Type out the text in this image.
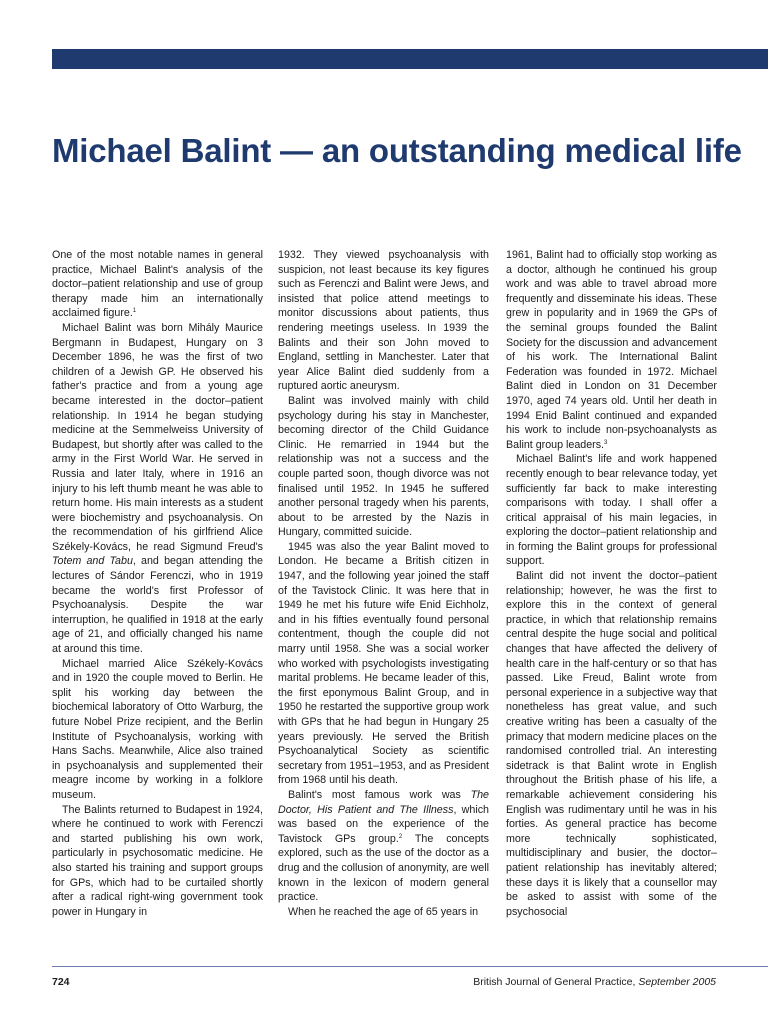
Michael Balint — an outstanding medical life

One of the most notable names in general practice, Michael Balint's analysis of the doctor–patient relationship and use of group therapy made him an internationally acclaimed figure.$^1$

Michael Balint was born Mihály Maurice Bergmann in Budapest, Hungary on 3 December 1896, he was the first of two children of a Jewish GP. He observed his father's practice and from a young age became interested in the doctor–patient relationship. In 1914 he began studying medicine at the Semmelweiss University of Budapest, but shortly after was called to the army in the First World War. He served in Russia and later Italy, where in 1916 an injury to his left thumb meant he was able to return home. His main interests as a student were biochemistry and psychoanalysis. On the recommendation of his girlfriend Alice Székely-Kovács, he read Sigmund Freud's Totem and Tabu, and began attending the lectures of Sándor Ferenczi, who in 1919 became the world's first Professor of Psychoanalysis. Despite the war interruption, he qualified in 1918 at the early age of 21, and officially changed his name at around this time.

Michael married Alice Székely-Kovács and in 1920 the couple moved to Berlin. He split his working day between the biochemical laboratory of Otto Warburg, the future Nobel Prize recipient, and the Berlin Institute of Psychoanalysis, working with Hans Sachs. Meanwhile, Alice also trained in psychoanalysis and supplemented their meagre income by working in a folklore museum.

The Balints returned to Budapest in 1924, where he continued to work with Ferenczi and started publishing his own work, particularly in psychosomatic medicine. He also started his training and support groups for GPs, which had to be curtailed shortly after a radical right-wing government took power in Hungary in

1932. They viewed psychoanalysis with suspicion, not least because its key figures such as Ferenczi and Balint were Jews, and insisted that police attend meetings to monitor discussions about patients, thus rendering meetings useless. In 1939 the Balints and their son John moved to England, settling in Manchester. Later that year Alice Balint died suddenly from a ruptured aortic aneurysm.

Balint was involved mainly with child psychology during his stay in Manchester, becoming director of the Child Guidance Clinic. He remarried in 1944 but the relationship was not a success and the couple parted soon, though divorce was not finalised until 1952. In 1945 he suffered another personal tragedy when his parents, about to be arrested by the Nazis in Hungary, committed suicide.

1945 was also the year Balint moved to London. He became a British citizen in 1947, and the following year joined the staff of the Tavistock Clinic. It was here that in 1949 he met his future wife Enid Eichholz, and in his fifties eventually found personal contentment, though the couple did not marry until 1958. She was a social worker who worked with psychologists investigating marital problems. He became leader of this, the first eponymous Balint Group, and in 1950 he restarted the supportive group work with GPs that he had begun in Hungary 25 years previously. He served the British Psychoanalytical Society as scientific secretary from 1951–1953, and as President from 1968 until his death.

Balint's most famous work was The Doctor, His Patient and The Illness, which was based on the experience of the Tavistock GPs group.$^2$ The concepts explored, such as the use of the doctor as a drug and the collusion of anonymity, are well known in the lexicon of modern general practice.

When he reached the age of 65 years in

1961, Balint had to officially stop working as a doctor, although he continued his group work and was able to travel abroad more frequently and disseminate his ideas. These grew in popularity and in 1969 the GPs of the seminal groups founded the Balint Society for the discussion and advancement of his work. The International Balint Federation was founded in 1972. Michael Balint died in London on 31 December 1970, aged 74 years old. Until her death in 1994 Enid Balint continued and expanded his work to include non-psychoanalysts as Balint group leaders.$^3$

Michael Balint's life and work happened recently enough to bear relevance today, yet sufficiently far back to make interesting comparisons with today. I shall offer a critical appraisal of his main legacies, in exploring the doctor–patient relationship and in forming the Balint groups for professional support.

Balint did not invent the doctor–patient relationship; however, he was the first to explore this in the context of general practice, in which that relationship remains central despite the huge social and political changes that have affected the delivery of health care in the half-century or so that has passed. Like Freud, Balint wrote from personal experience in a subjective way that nonetheless has great value, and such creative writing has been a casualty of the primacy that modern medicine places on the randomised controlled trial. An interesting sidetrack is that Balint wrote in English throughout the British phase of his life, a remarkable achievement considering his English was rudimentary until he was in his forties. As general practice has become more technically sophisticated, multidisciplinary and busier, the doctor–patient relationship has inevitably altered; these days it is likely that a counsellor may be asked to assist with some of the psychosocial

724	British Journal of General Practice, September 2005
